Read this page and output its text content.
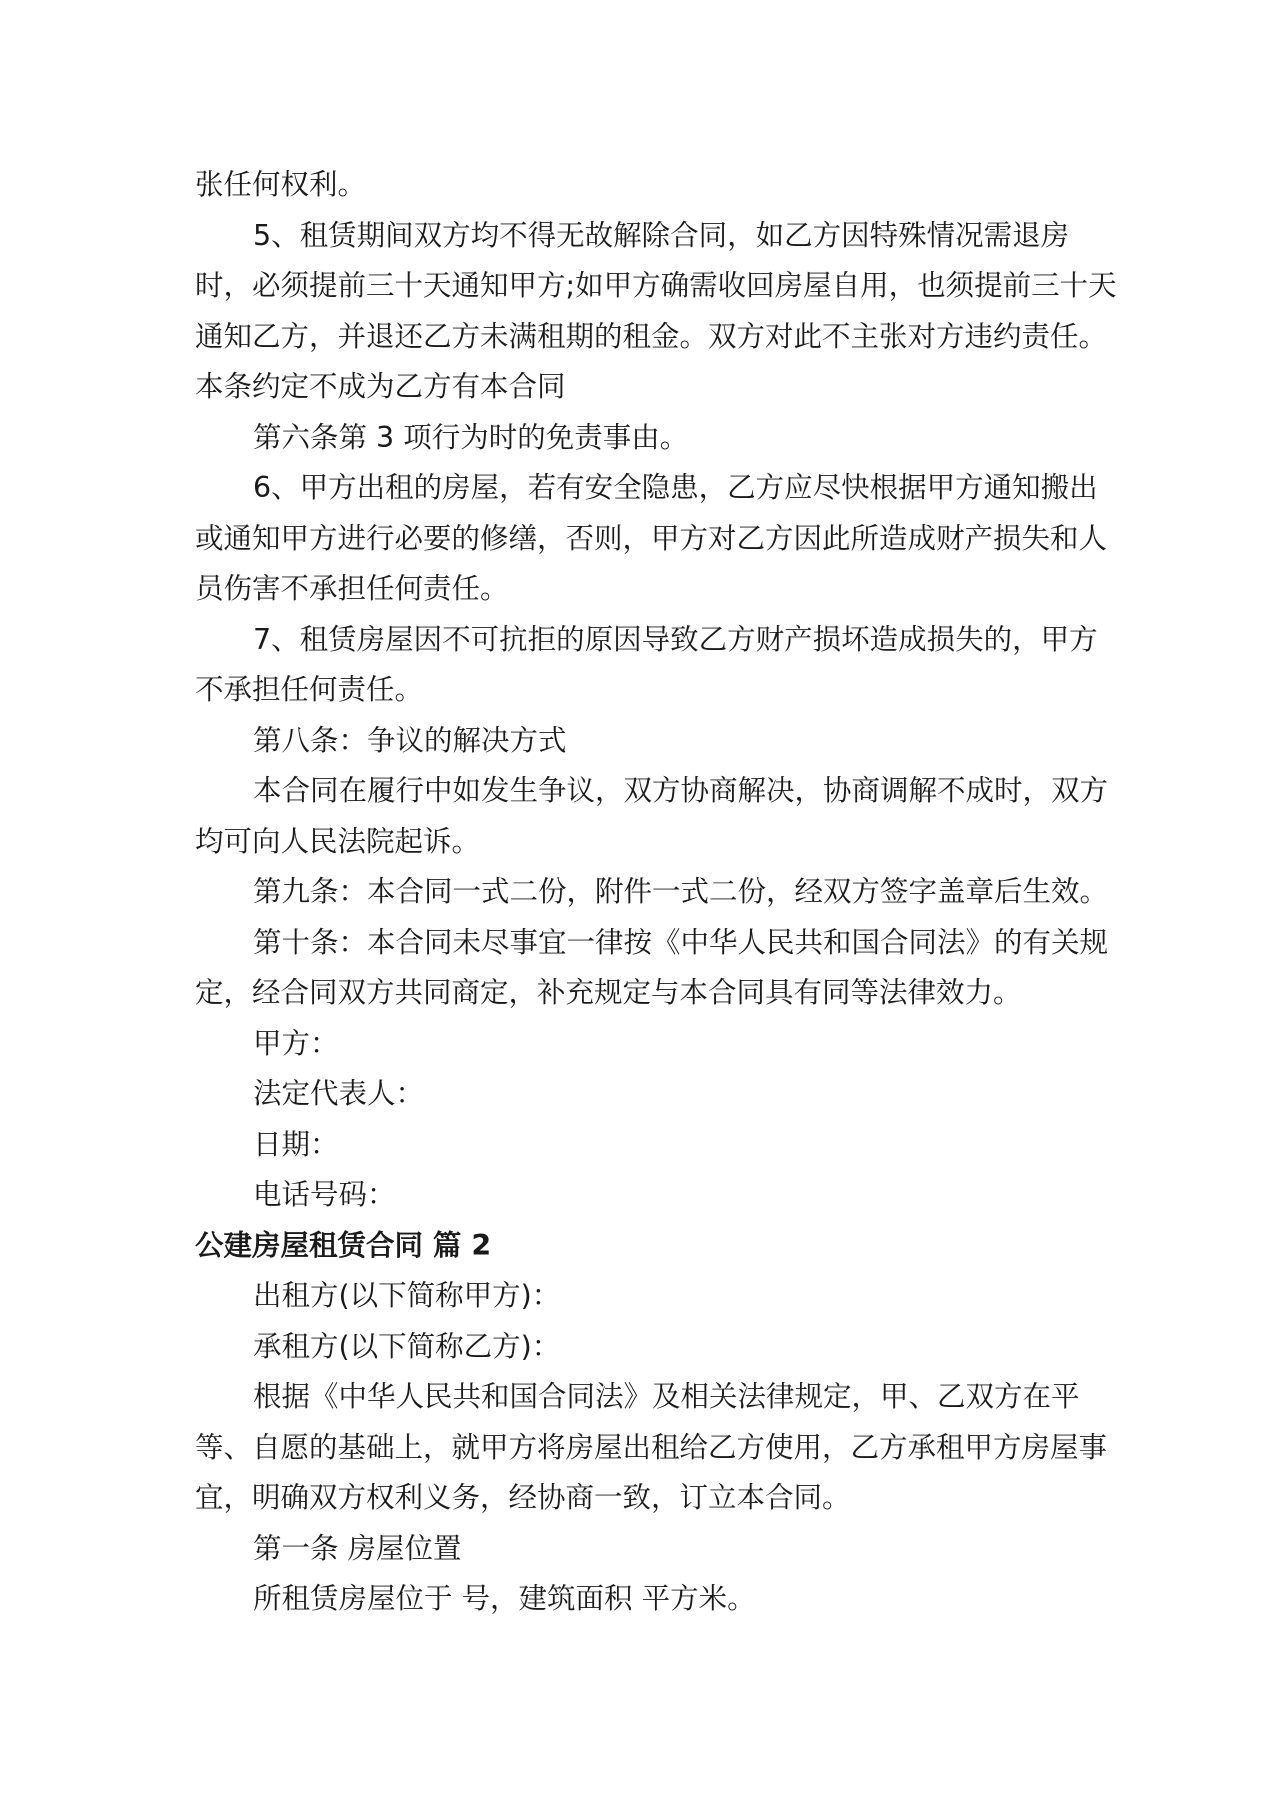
张任何权利。

5、租赁期间双方均不得无故解除合同，如乙方因特殊情况需退房时，必须提前三十天通知甲方;如甲方确需收回房屋自用，也须提前三十天通知乙方，并退还乙方未满租期的租金。双方对此不主张对方违约责任。本条约定不成为乙方有本合同

第六条第 3 项行为时的免责事由。

6、甲方出租的房屋，若有安全隐患，乙方应尽快根据甲方通知搬出或通知甲方进行必要的修缮，否则，甲方对乙方因此所造成财产损失和人员伤害不承担任何责任。

7、租赁房屋因不可抗拒的原因导致乙方财产损坏造成损失的，甲方不承担任何责任。

第八条：争议的解决方式

本合同在履行中如发生争议，双方协商解决，协商调解不成时，双方均可向人民法院起诉。

第九条：本合同一式二份，附件一式二份，经双方签字盖章后生效。

第十条：本合同未尽事宜一律按《中华人民共和国合同法》的有关规定，经合同双方共同商定，补充规定与本合同具有同等法律效力。

甲方：

法定代表人：

日期：

电话号码：

公建房屋租赁合同 篇 2

出租方(以下简称甲方)：

承租方(以下简称乙方)：

根据《中华人民共和国合同法》及相关法律规定，甲、乙双方在平等、自愿的基础上，就甲方将房屋出租给乙方使用，乙方承租甲方房屋事宜，明确双方权利义务，经协商一致，订立本合同。

第一条 房屋位置

所租赁房屋位于 号，建筑面积 平方米。
